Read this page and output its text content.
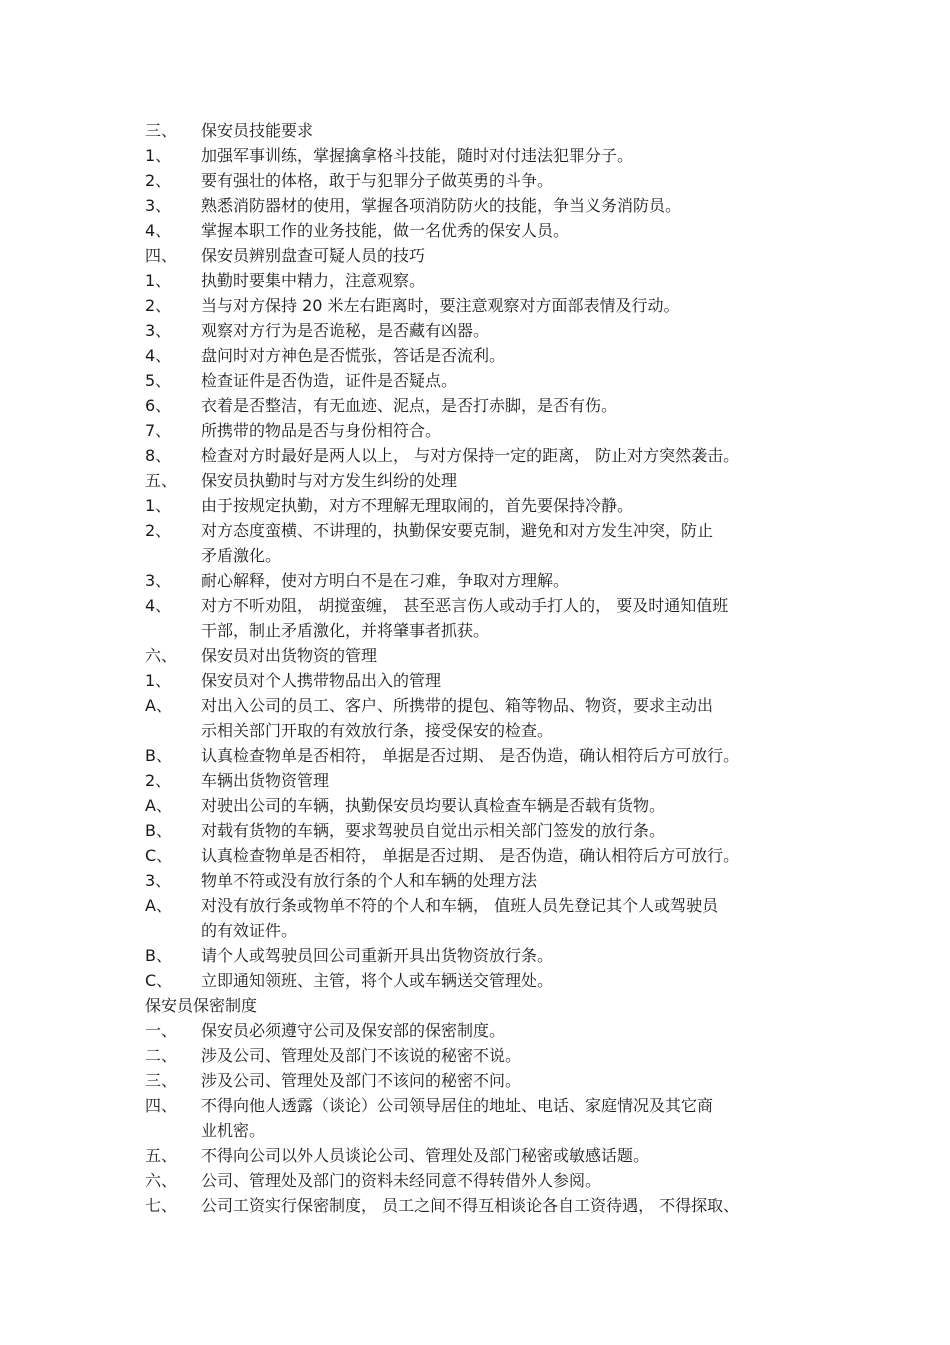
三、 保安员技能要求
1、 加强军事训练，掌握擒拿格斗技能，随时对付违法犯罪分子。
2、 要有强壮的体格，敢于与犯罪分子做英勇的斗争。
3、 熟悉消防器材的使用，掌握各项消防防火的技能，争当义务消防员。
4、 掌握本职工作的业务技能，做一名优秀的保安人员。
四、 保安员辨别盘查可疑人员的技巧
1、 执勤时要集中精力，注意观察。
2、 当与对方保持 20 米左右距离时，要注意观察对方面部表情及行动。
3、 观察对方行为是否诡秘，是否藏有凶器。
4、 盘问时对方神色是否慌张，答话是否流利。
5、 检查证件是否伪造，证件是否疑点。
6、 衣着是否整洁，有无血迹、泥点，是否打赤脚，是否有伤。
7、 所携带的物品是否与身份相符合。
8、 检查对方时最好是两人以上， 与对方保持一定的距离， 防止对方突然袭击。
五、 保安员执勤时与对方发生纠纷的处理
1、 由于按规定执勤，对方不理解无理取闹的，首先要保持冷静。
2、 对方态度蛮横、不讲理的，执勤保安要克制，避免和对方发生冲突，防止
矛盾激化。
3、 耐心解释，使对方明白不是在刁难，争取对方理解。
4、 对方不听劝阻， 胡搅蛮缠， 甚至恶言伤人或动手打人的， 要及时通知值班
干部，制止矛盾激化，并将肇事者抓获。
六、 保安员对出货物资的管理
1、 保安员对个人携带物品出入的管理
A、 对出入公司的员工、客户、所携带的提包、箱等物品、物资，要求主动出
示相关部门开取的有效放行条，接受保安的检查。
B、 认真检查物单是否相符， 单据是否过期、 是否伪造，确认相符后方可放行。
2、 车辆出货物资管理
A、 对驶出公司的车辆，执勤保安员均要认真检查车辆是否载有货物。
B、 对载有货物的车辆，要求驾驶员自觉出示相关部门签发的放行条。
C、 认真检查物单是否相符， 单据是否过期、 是否伪造，确认相符后方可放行。
3、 物单不符或没有放行条的个人和车辆的处理方法
A、 对没有放行条或物单不符的个人和车辆， 值班人员先登记其个人或驾驶员
的有效证件。
B、 请个人或驾驶员回公司重新开具出货物资放行条。
C、 立即通知领班、主管，将个人或车辆送交管理处。
保安员保密制度
一、 保安员必须遵守公司及保安部的保密制度。
二、 涉及公司、管理处及部门不该说的秘密不说。
三、 涉及公司、管理处及部门不该问的秘密不问。
四、 不得向他人透露（谈论）公司领导居住的地址、电话、家庭情况及其它商
业机密。
五、 不得向公司以外人员谈论公司、管理处及部门秘密或敏感话题。
六、 公司、管理处及部门的资料未经同意不得转借外人参阅。
七、 公司工资实行保密制度， 员工之间不得互相谈论各自工资待遇， 不得探取、
